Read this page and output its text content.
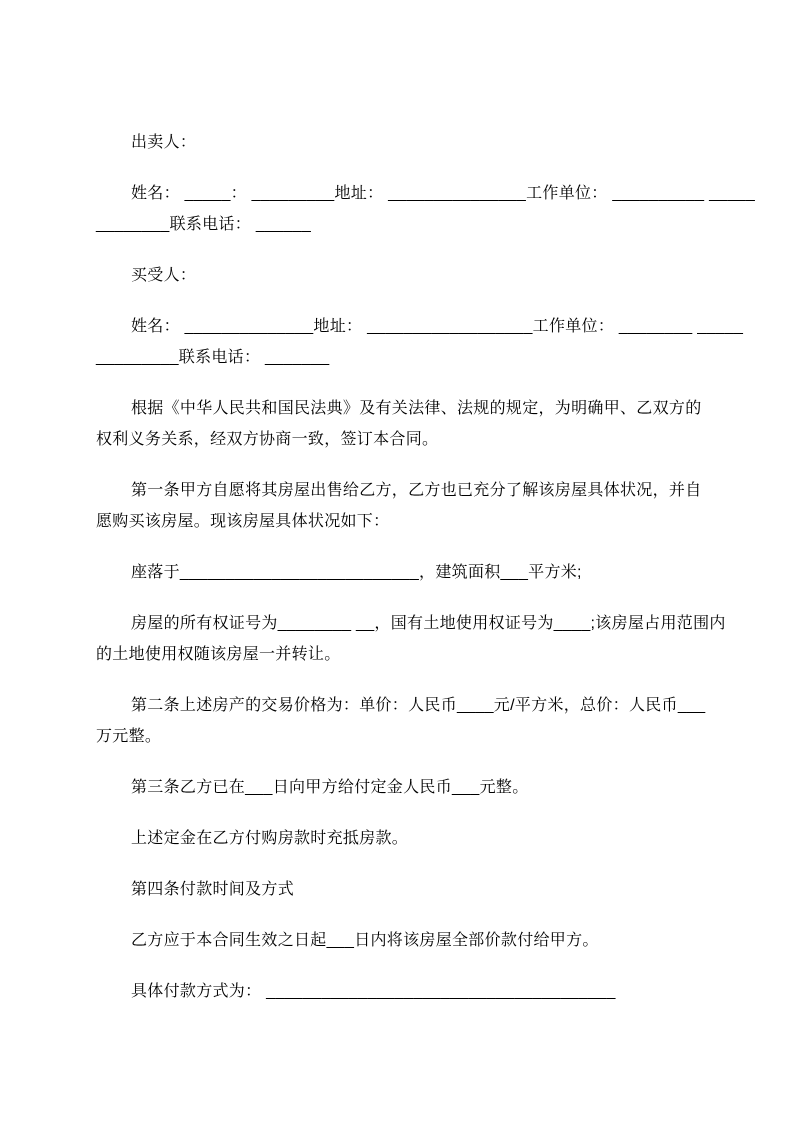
出卖人：
姓名： _____： _________地址： _______________工作单位： __________ _____
________联系电话： ______
买受人：
姓名： ______________地址： __________________工作单位： ________ _____
_________联系电话： _______
根据《中华人民共和国民法典》及有关法律、法规的规定，为明确甲、乙双方的
权利义务关系，经双方协商一致，签订本合同。
第一条甲方自愿将其房屋出售给乙方，乙方也已充分了解该房屋具体状况，并自
愿购买该房屋。现该房屋具体状况如下：
座落于__________________________，建筑面积___平方米;
房屋的所有权证号为________ __，国有土地使用权证号为____;该房屋占用范围内
的土地使用权随该房屋一并转让。
第二条上述房产的交易价格为：单价：人民币____元/平方米，总价：人民币___
万元整。
第三条乙方已在___日向甲方给付定金人民币___元整。
上述定金在乙方付购房款时充抵房款。
第四条付款时间及方式
乙方应于本合同生效之日起___日内将该房屋全部价款付给甲方。
具体付款方式为： ______________________________________
